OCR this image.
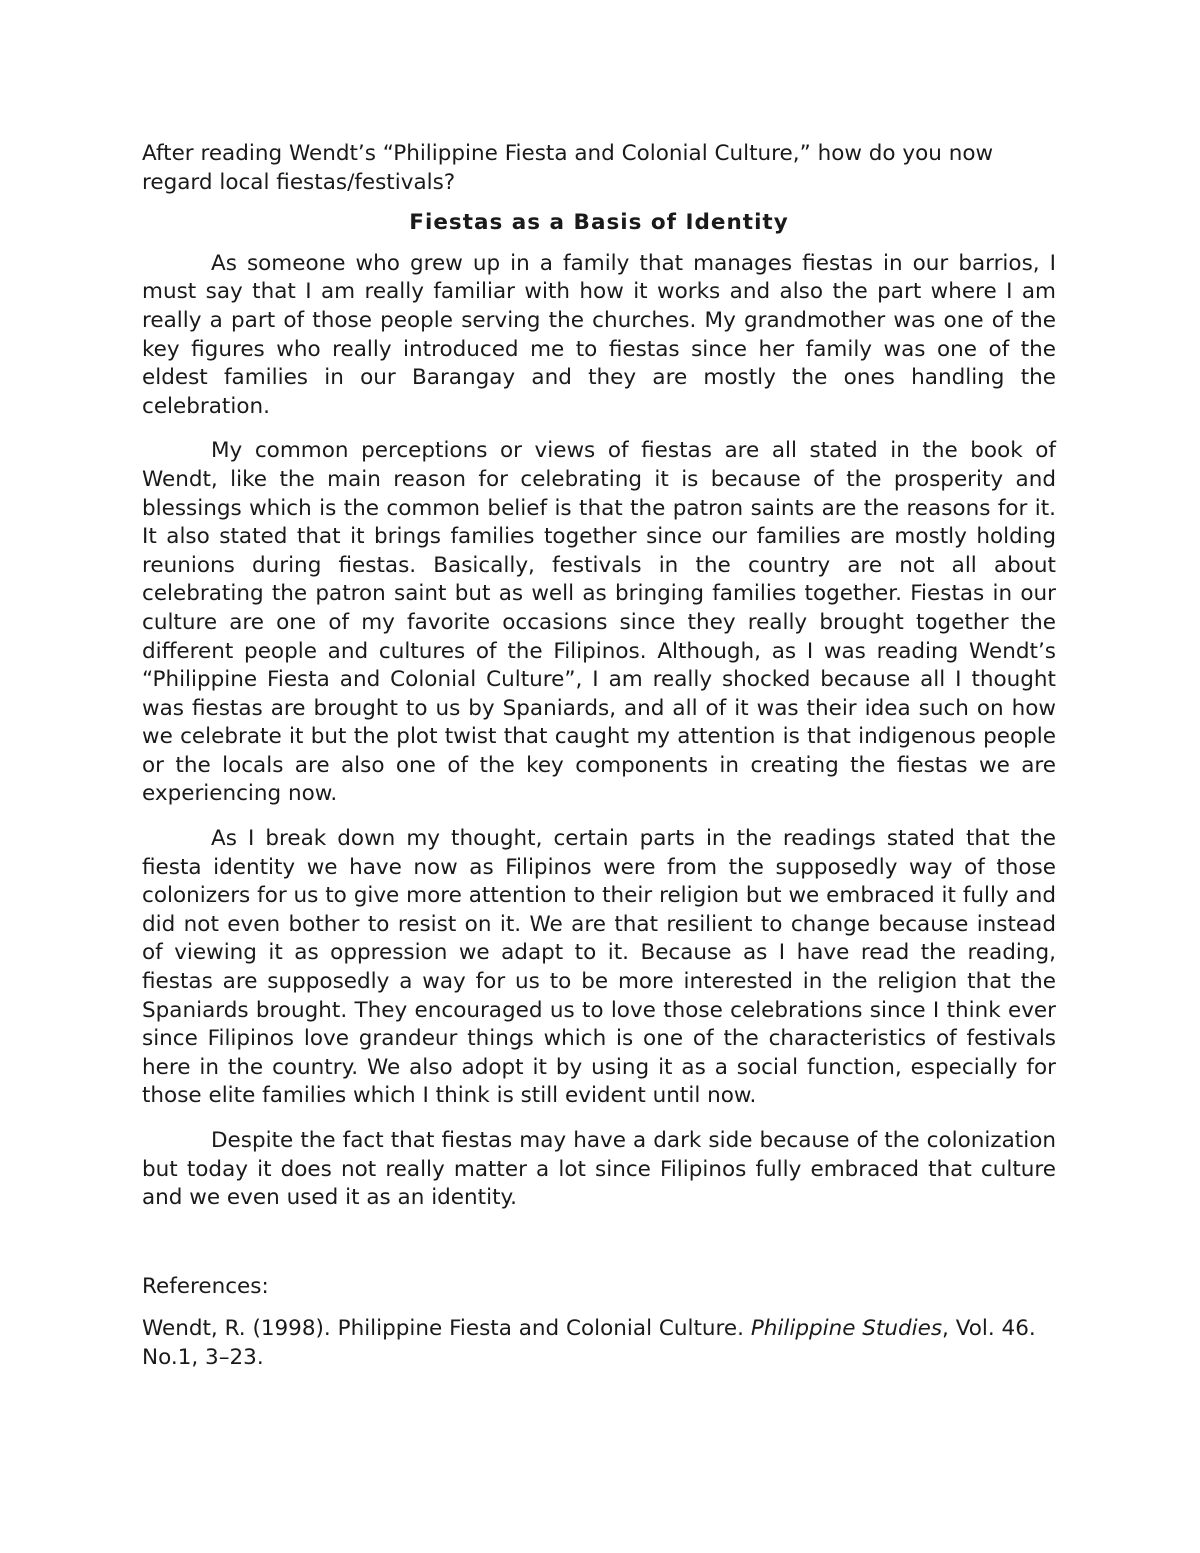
After reading Wendt’s “Philippine Fiesta and Colonial Culture,” how do you now regard local fiestas/festivals?

Fiestas as a Basis of Identity

As someone who grew up in a family that manages fiestas in our barrios, I must say that I am really familiar with how it works and also the part where I am really a part of those people serving the churches. My grandmother was one of the key figures who really introduced me to fiestas since her family was one of the eldest families in our Barangay and they are mostly the ones handling the celebration.

My common perceptions or views of fiestas are all stated in the book of Wendt, like the main reason for celebrating it is because of the prosperity and blessings which is the common belief is that the patron saints are the reasons for it. It also stated that it brings families together since our families are mostly holding reunions during fiestas. Basically, festivals in the country are not all about celebrating the patron saint but as well as bringing families together. Fiestas in our culture are one of my favorite occasions since they really brought together the different people and cultures of the Filipinos. Although, as I was reading Wendt’s “Philippine Fiesta and Colonial Culture”, I am really shocked because all I thought was fiestas are brought to us by Spaniards, and all of it was their idea such on how we celebrate it but the plot twist that caught my attention is that indigenous people or the locals are also one of the key components in creating the fiestas we are experiencing now.

As I break down my thought, certain parts in the readings stated that the fiesta identity we have now as Filipinos were from the supposedly way of those colonizers for us to give more attention to their religion but we embraced it fully and did not even bother to resist on it. We are that resilient to change because instead of viewing it as oppression we adapt to it. Because as I have read the reading, fiestas are supposedly a way for us to be more interested in the religion that the Spaniards brought. They encouraged us to love those celebrations since I think ever since Filipinos love grandeur things which is one of the characteristics of festivals here in the country. We also adopt it by using it as a social function, especially for those elite families which I think is still evident until now.

Despite the fact that fiestas may have a dark side because of the colonization but today it does not really matter a lot since Filipinos fully embraced that culture and we even used it as an identity.

References:

Wendt, R. (1998). Philippine Fiesta and Colonial Culture. Philippine Studies, Vol. 46. No.1, 3–23.
